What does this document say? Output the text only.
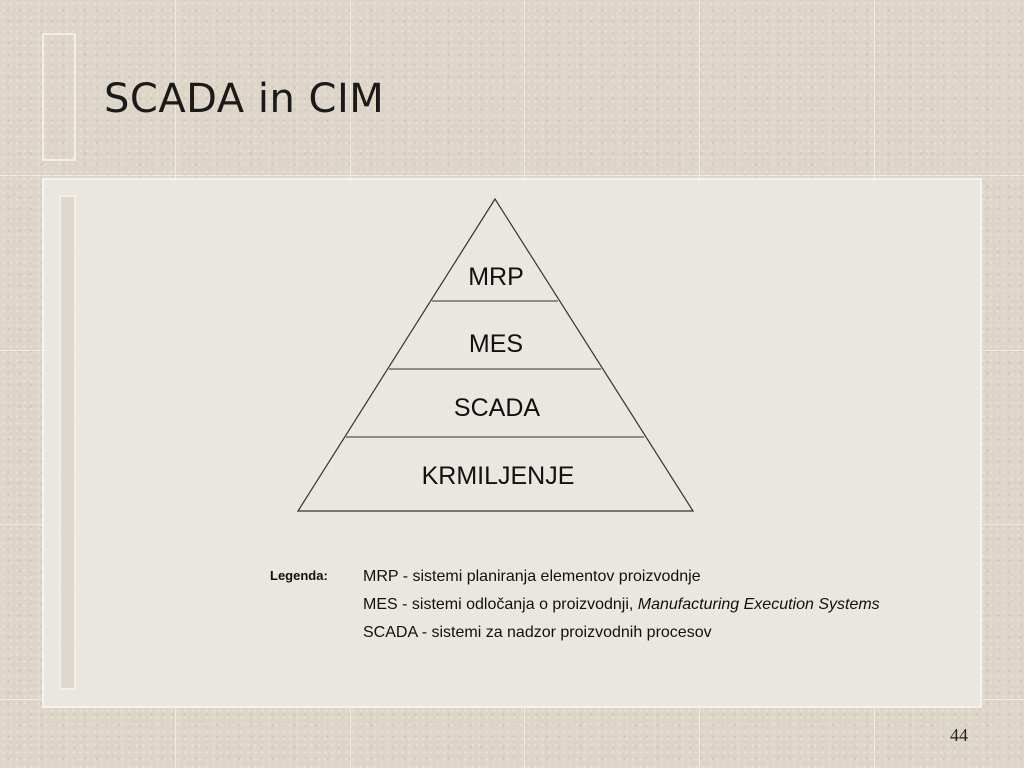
SCADA in CIM
MRP
MES
SCADA
KRMILJENJE
Legenda: MRP - sistemi planiranja elementov proizvodnje
MES - sistemi odločanja o proizvodnji, Manufacturing Execution Systems
SCADA - sistemi za nadzor proizvodnih procesov
44
